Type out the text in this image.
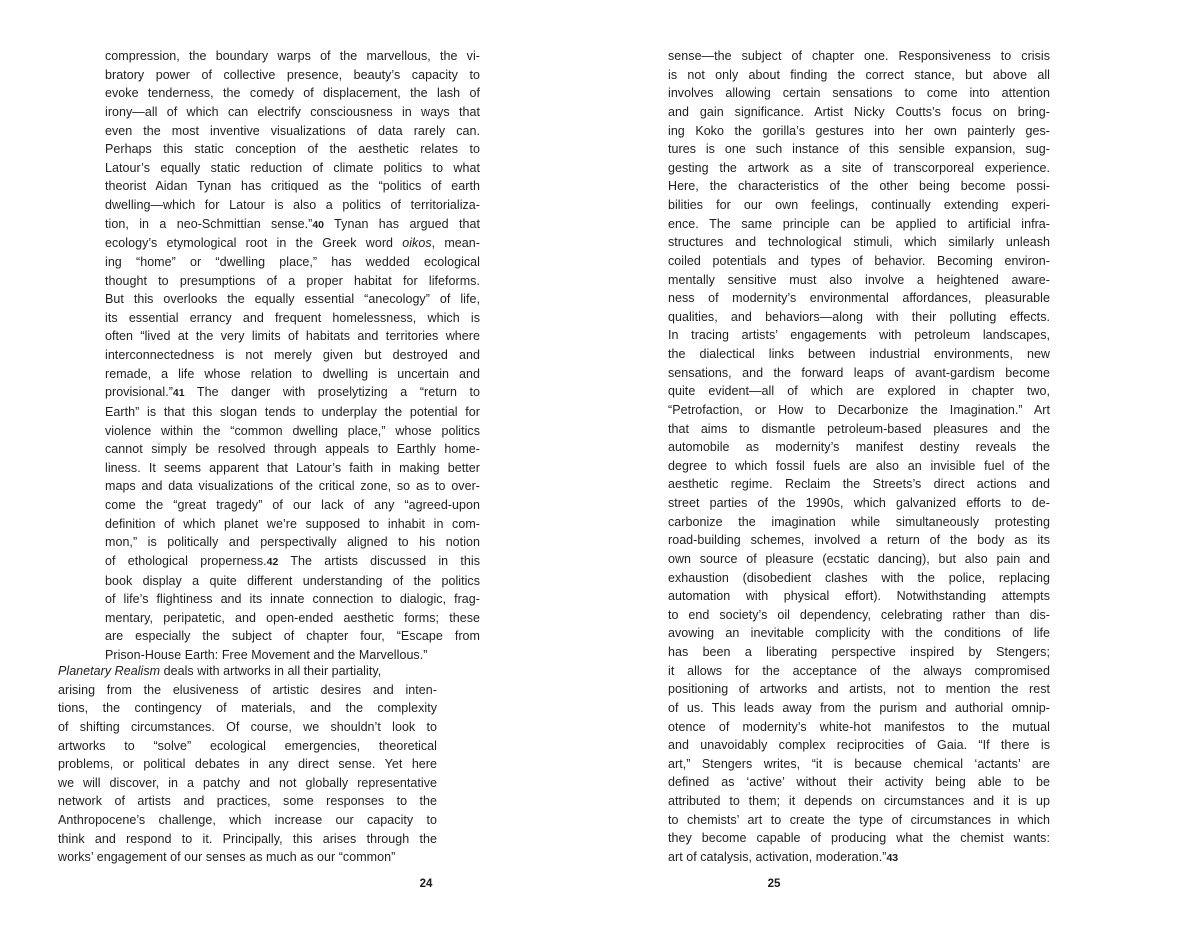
compression, the boundary warps of the marvellous, the vi-
bratory power of collective presence, beauty’s capacity to
evoke tenderness, the comedy of displacement, the lash of
irony—all of which can electrify consciousness in ways that
even the most inventive visualizations of data rarely can.
Perhaps this static conception of the aesthetic relates to
Latour’s equally static reduction of climate politics to what
theorist Aidan Tynan has critiqued as the “politics of earth
dwelling—which for Latour is also a politics of territorializa-
tion, in a neo-Schmittian sense.”40 Tynan has argued that
ecology’s etymological root in the Greek word oikos, mean-
ing “home” or “dwelling place,” has wedded ecological
thought to presumptions of a proper habitat for lifeforms.
But this overlooks the equally essential “anecology” of life,
its essential errancy and frequent homelessness, which is
often “lived at the very limits of habitats and territories where
interconnectedness is not merely given but destroyed and
remade, a life whose relation to dwelling is uncertain and
provisional.”41 The danger with proselytizing a “return to
Earth” is that this slogan tends to underplay the potential for
violence within the “common dwelling place,” whose politics
cannot simply be resolved through appeals to Earthly home-
liness. It seems apparent that Latour’s faith in making better
maps and data visualizations of the critical zone, so as to over-
come the “great tragedy” of our lack of any “agreed-upon
definition of which planet we’re supposed to inhabit in com-
mon,” is politically and perspectivally aligned to his notion
of ethological properness.42 The artists discussed in this
book display a quite different understanding of the politics
of life’s flightiness and its innate connection to dialogic, frag-
mentary, peripatetic, and open-ended aesthetic forms; these
are especially the subject of chapter four, “Escape from
Prison-House Earth: Free Movement and the Marvellous.”
Planetary Realism deals with artworks in all their partiality,
arising from the elusiveness of artistic desires and inten-
tions, the contingency of materials, and the complexity
of shifting circumstances. Of course, we shouldn’t look to
artworks to “solve” ecological emergencies, theoretical
problems, or political debates in any direct sense. Yet here
we will discover, in a patchy and not globally representative
network of artists and practices, some responses to the
Anthropocene’s challenge, which increase our capacity to
think and respond to it. Principally, this arises through the
works’ engagement of our senses as much as our “common”
24
sense—the subject of chapter one. Responsiveness to crisis
is not only about finding the correct stance, but above all
involves allowing certain sensations to come into attention
and gain significance. Artist Nicky Coutts’s focus on bring-
ing Koko the gorilla’s gestures into her own painterly ges-
tures is one such instance of this sensible expansion, sug-
gesting the artwork as a site of transcorporeal experience.
Here, the characteristics of the other being become possi-
bilities for our own feelings, continually extending experi-
ence. The same principle can be applied to artificial infra-
structures and technological stimuli, which similarly unleash
coiled potentials and types of behavior. Becoming environ-
mentally sensitive must also involve a heightened aware-
ness of modernity’s environmental affordances, pleasurable
qualities, and behaviors—along with their polluting effects.
In tracing artists’ engagements with petroleum landscapes,
the dialectical links between industrial environments, new
sensations, and the forward leaps of avant-gardism become
quite evident—all of which are explored in chapter two,
“Petrofaction, or How to Decarbonize the Imagination.” Art
that aims to dismantle petroleum-based pleasures and the
automobile as modernity’s manifest destiny reveals the
degree to which fossil fuels are also an invisible fuel of the
aesthetic regime. Reclaim the Streets’s direct actions and
street parties of the 1990s, which galvanized efforts to de-
carbonize the imagination while simultaneously protesting
road-building schemes, involved a return of the body as its
own source of pleasure (ecstatic dancing), but also pain and
exhaustion (disobedient clashes with the police, replacing
automation with physical effort). Notwithstanding attempts
to end society’s oil dependency, celebrating rather than dis-
avowing an inevitable complicity with the conditions of life
has been a liberating perspective inspired by Stengers;
it allows for the acceptance of the always compromised
positioning of artworks and artists, not to mention the rest
of us. This leads away from the purism and authorial omnip-
otence of modernity’s white-hot manifestos to the mutual
and unavoidably complex reciprocities of Gaia. “If there is
art,” Stengers writes, “it is because chemical ‘actants’ are
defined as ‘active’ without their activity being able to be
attributed to them; it depends on circumstances and it is up
to chemists’ art to create the type of circumstances in which
they become capable of producing what the chemist wants:
art of catalysis, activation, moderation.”43
25
